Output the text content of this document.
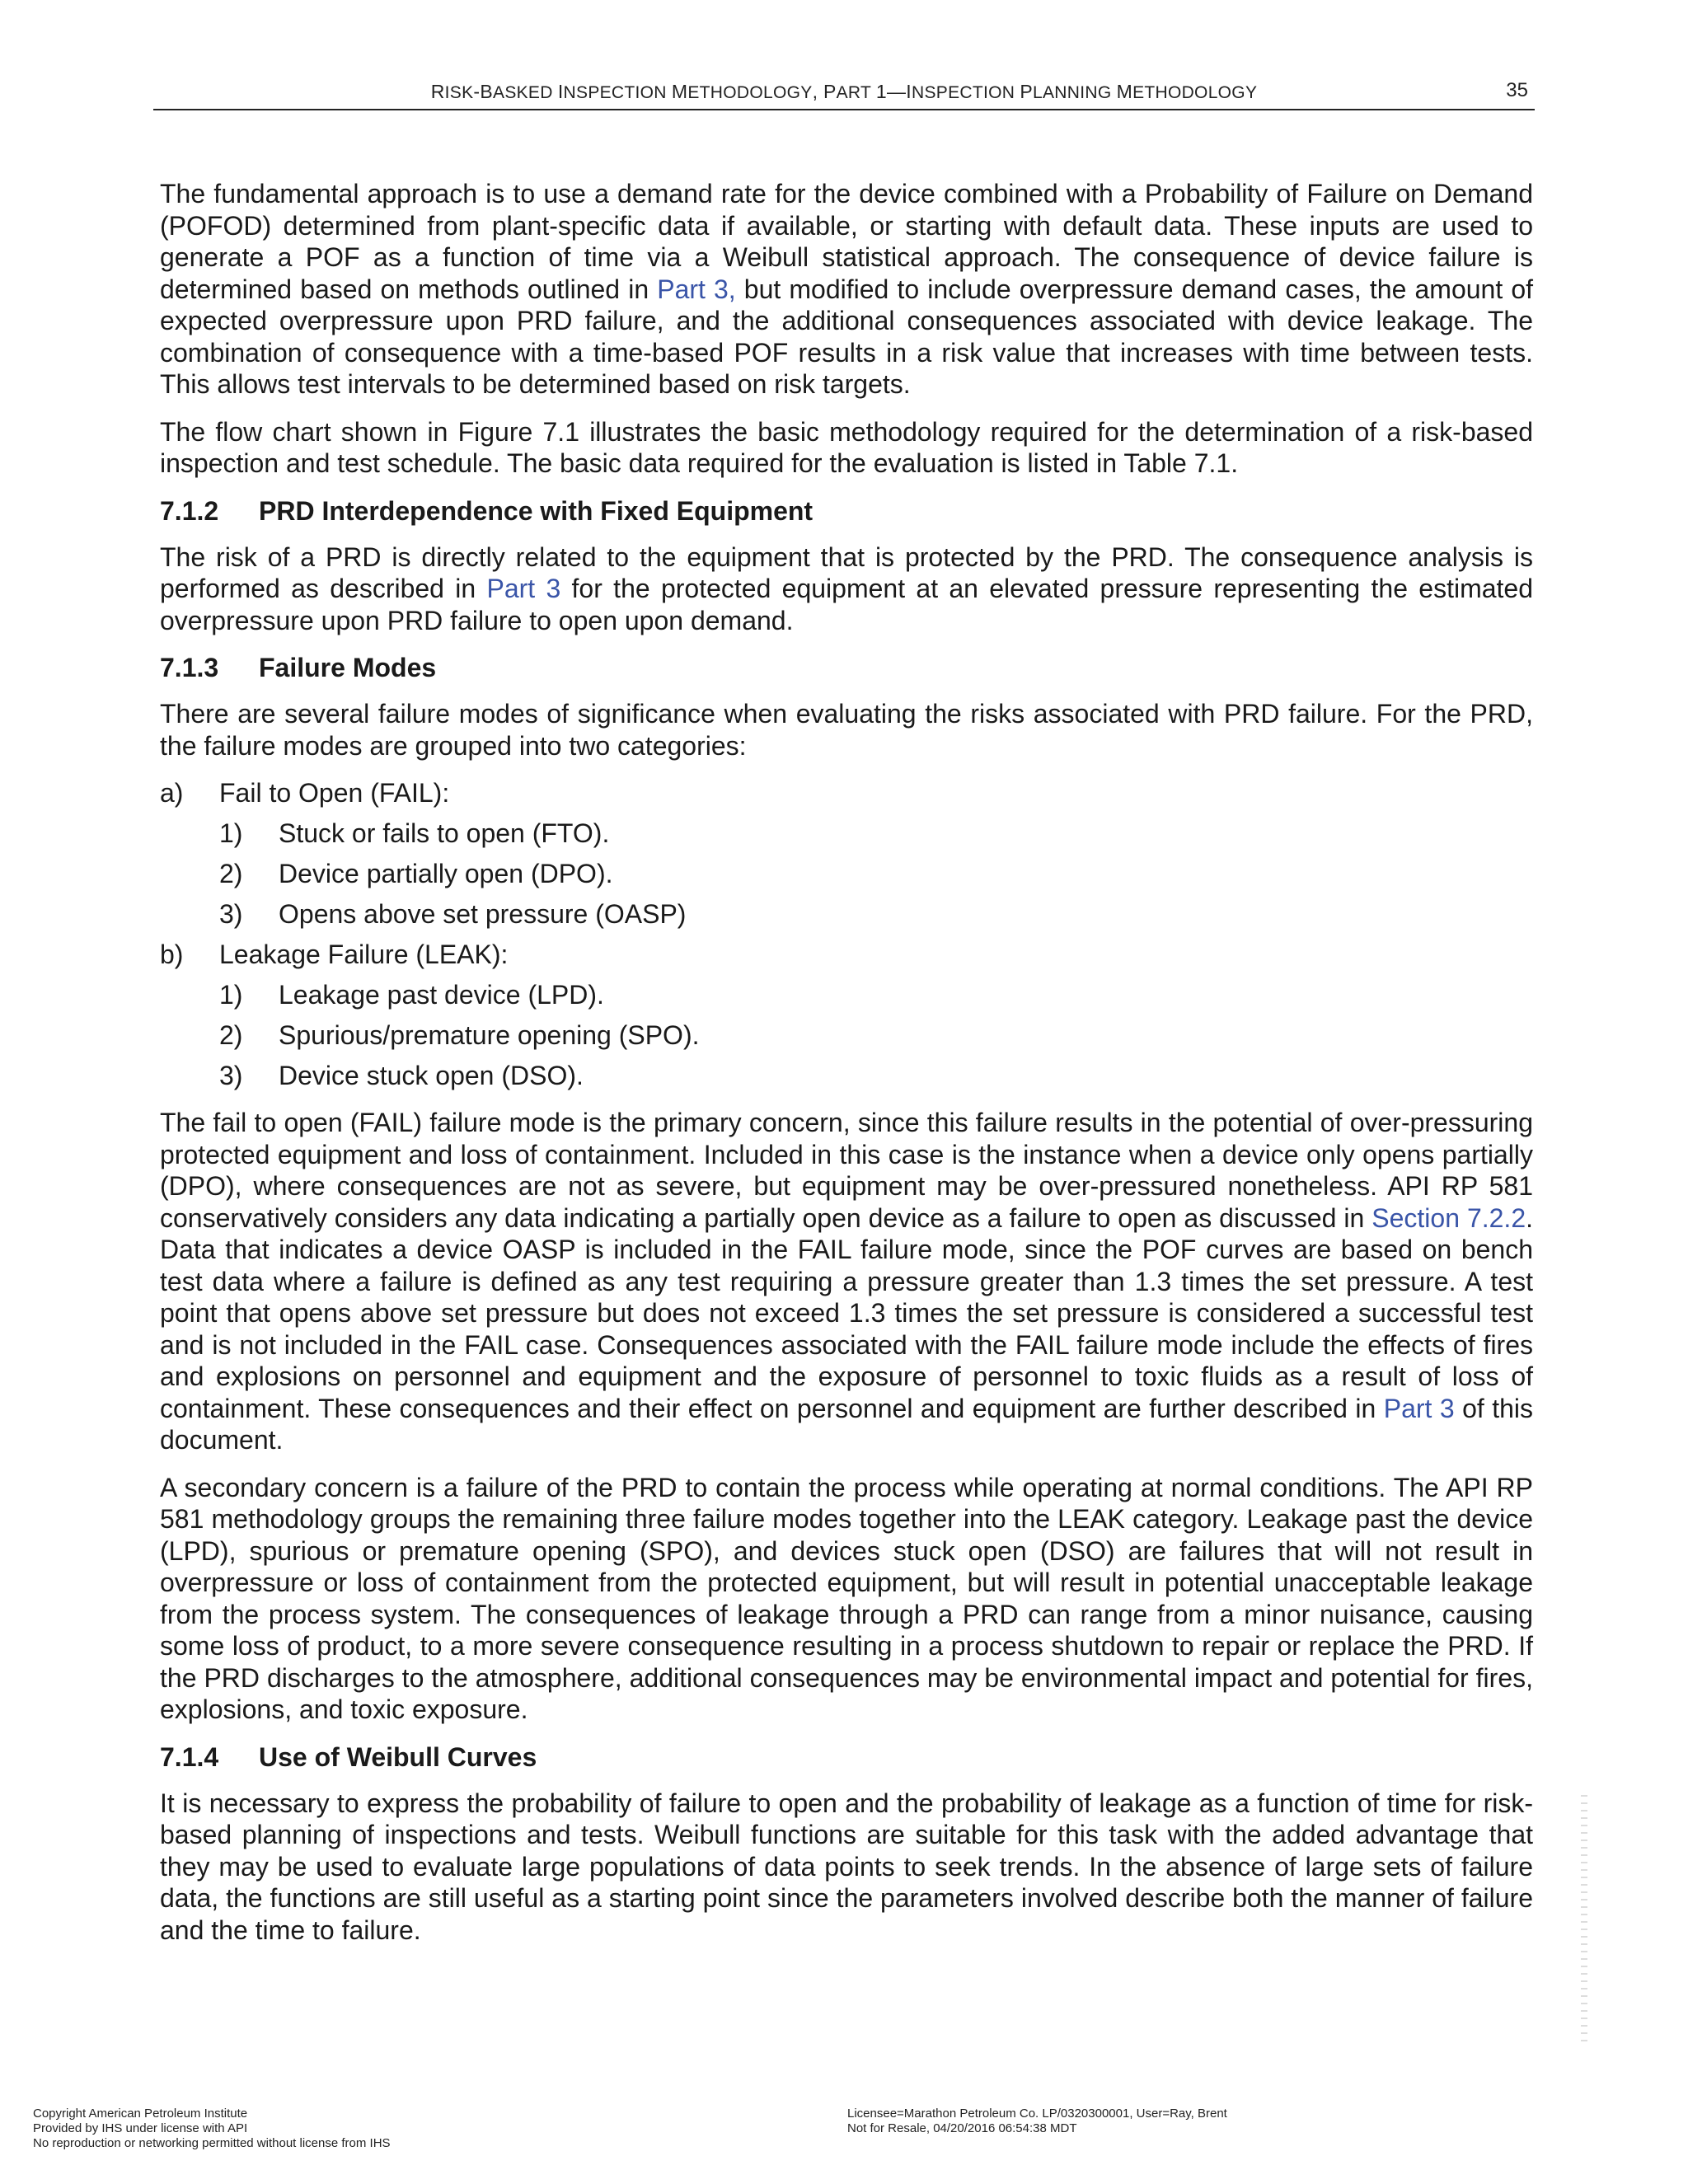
RISK-BASKED INSPECTION METHODOLOGY, PART 1—INSPECTION PLANNING METHODOLOGY	35

The fundamental approach is to use a demand rate for the device combined with a Probability of Failure on Demand (POFOD) determined from plant-specific data if available, or starting with default data. These inputs are used to generate a POF as a function of time via a Weibull statistical approach. The consequence of device failure is determined based on methods outlined in Part 3, but modified to include overpressure demand cases, the amount of expected overpressure upon PRD failure, and the additional consequences associated with device leakage. The combination of consequence with a time-based POF results in a risk value that increases with time between tests. This allows test intervals to be determined based on risk targets.

The flow chart shown in Figure 7.1 illustrates the basic methodology required for the determination of a risk-based inspection and test schedule. The basic data required for the evaluation is listed in Table 7.1.

7.1.2	PRD Interdependence with Fixed Equipment

The risk of a PRD is directly related to the equipment that is protected by the PRD. The consequence analysis is performed as described in Part 3 for the protected equipment at an elevated pressure representing the estimated overpressure upon PRD failure to open upon demand.

7.1.3	Failure Modes

There are several failure modes of significance when evaluating the risks associated with PRD failure. For the PRD, the failure modes are grouped into two categories:

a)	Fail to Open (FAIL):
1)	Stuck or fails to open (FTO).
2)	Device partially open (DPO).
3)	Opens above set pressure (OASP)
b)	Leakage Failure (LEAK):
1)	Leakage past device (LPD).
2)	Spurious/premature opening (SPO).
3)	Device stuck open (DSO).

The fail to open (FAIL) failure mode is the primary concern, since this failure results in the potential of over-pressuring protected equipment and loss of containment. Included in this case is the instance when a device only opens partially (DPO), where consequences are not as severe, but equipment may be over-pressured nonetheless. API RP 581 conservatively considers any data indicating a partially open device as a failure to open as discussed in Section 7.2.2. Data that indicates a device OASP is included in the FAIL failure mode, since the POF curves are based on bench test data where a failure is defined as any test requiring a pressure greater than 1.3 times the set pressure. A test point that opens above set pressure but does not exceed 1.3 times the set pressure is considered a successful test and is not included in the FAIL case. Consequences associated with the FAIL failure mode include the effects of fires and explosions on personnel and equipment and the exposure of personnel to toxic fluids as a result of loss of containment. These consequences and their effect on personnel and equipment are further described in Part 3 of this document.

A secondary concern is a failure of the PRD to contain the process while operating at normal conditions. The API RP 581 methodology groups the remaining three failure modes together into the LEAK category. Leakage past the device (LPD), spurious or premature opening (SPO), and devices stuck open (DSO) are failures that will not result in overpressure or loss of containment from the protected equipment, but will result in potential unacceptable leakage from the process system. The consequences of leakage through a PRD can range from a minor nuisance, causing some loss of product, to a more severe consequence resulting in a process shutdown to repair or replace the PRD. If the PRD discharges to the atmosphere, additional consequences may be environmental impact and potential for fires, explosions, and toxic exposure.

7.1.4	Use of Weibull Curves

It is necessary to express the probability of failure to open and the probability of leakage as a function of time for risk-based planning of inspections and tests. Weibull functions are suitable for this task with the added advantage that they may be used to evaluate large populations of data points to seek trends. In the absence of large sets of failure data, the functions are still useful as a starting point since the parameters involved describe both the manner of failure and the time to failure.

Copyright American Petroleum Institute
Provided by IHS under license with API
No reproduction or networking permitted without license from IHS
Licensee=Marathon Petroleum Co. LP/0320300001, User=Ray, Brent
Not for Resale, 04/20/2016 06:54:38 MDT
